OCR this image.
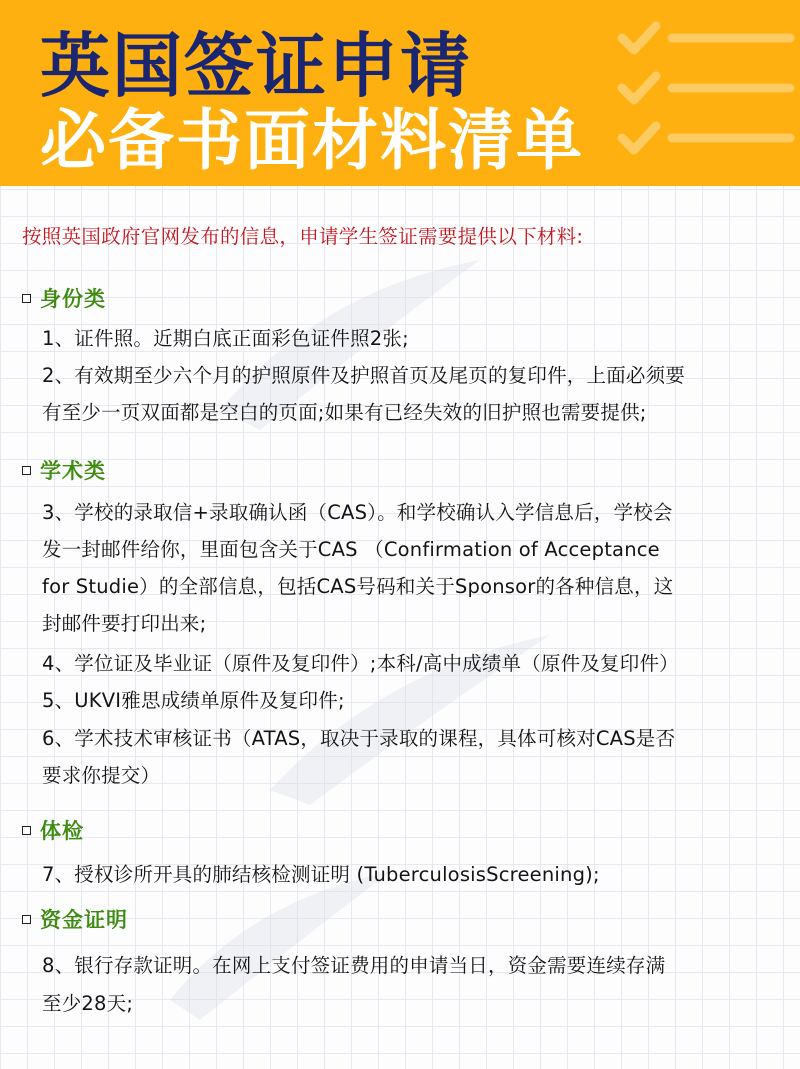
英国签证申请
必备书面材料清单
按照英国政府官网发布的信息，申请学生签证需要提供以下材料:
身份类
1、证件照。近期白底正面彩色证件照2张;
2、有效期至少六个月的护照原件及护照首页及尾页的复印件，上面必须要
有至少一页双面都是空白的页面;如果有已经失效的旧护照也需要提供;
学术类
3、学校的录取信+录取确认函（CAS）。和学校确认入学信息后，学校会
发一封邮件给你，里面包含关于CAS （Confirmation of Acceptance
for Studie）的全部信息，包括CAS号码和关于Sponsor的各种信息，这
封邮件要打印出来;
4、学位证及毕业证（原件及复印件）;本科/高中成绩单（原件及复印件）
5、UKVI雅思成绩单原件及复印件;
6、学术技术审核证书（ATAS，取决于录取的课程，具体可核对CAS是否
要求你提交）
体检
7、授权诊所开具的肺结核检测证明 (TuberculosisScreening);
资金证明
8、银行存款证明。在网上支付签证费用的申请当日，资金需要连续存满
至少28天;
